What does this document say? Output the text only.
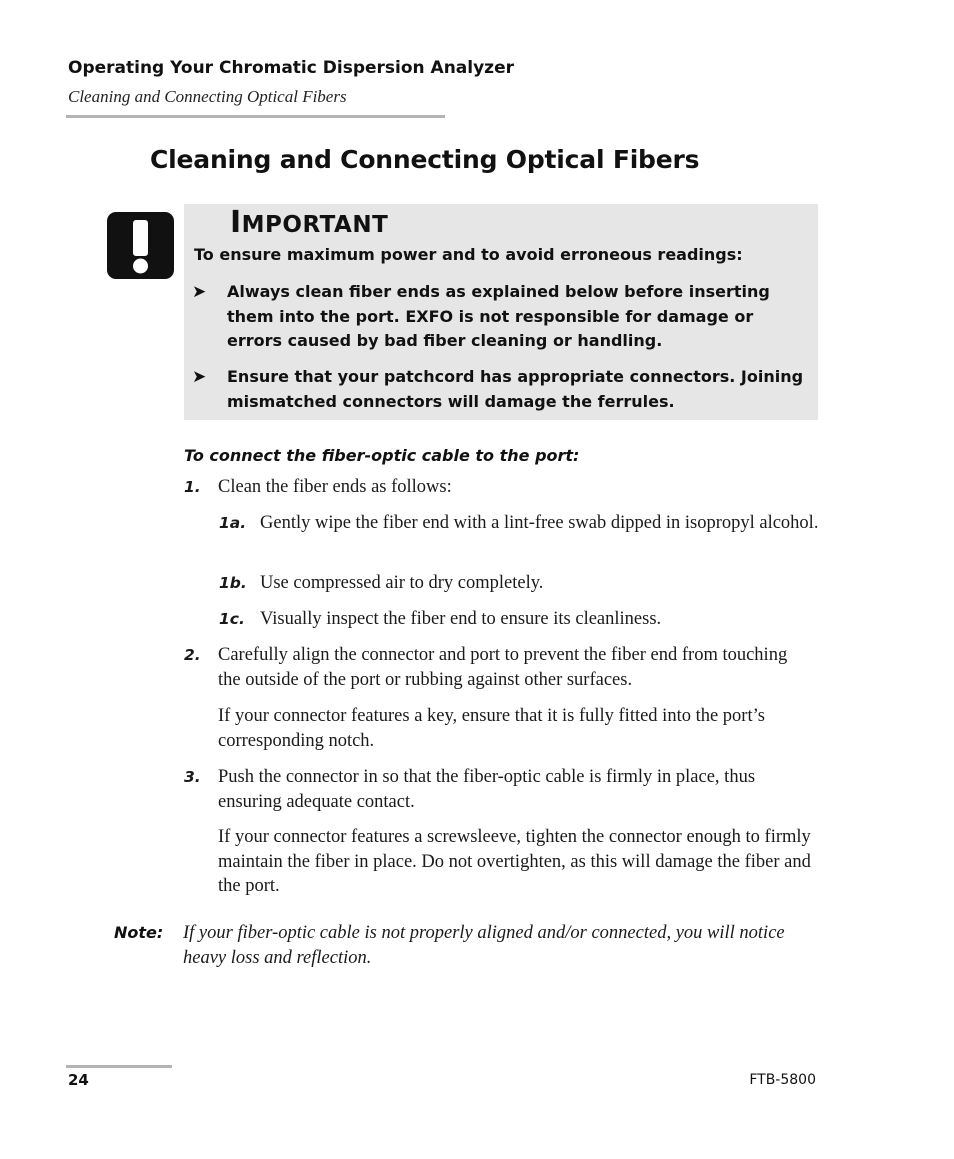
Operating Your Chromatic Dispersion Analyzer
Cleaning and Connecting Optical Fibers
Cleaning and Connecting Optical Fibers
IMPORTANT
To ensure maximum power and to avoid erroneous readings:
➤ Always clean fiber ends as explained below before inserting them into the port. EXFO is not responsible for damage or errors caused by bad fiber cleaning or handling.
➤ Ensure that your patchcord has appropriate connectors. Joining mismatched connectors will damage the ferrules.
To connect the fiber-optic cable to the port:
1. Clean the fiber ends as follows:
1a. Gently wipe the fiber end with a lint-free swab dipped in isopropyl alcohol.
1b. Use compressed air to dry completely.
1c. Visually inspect the fiber end to ensure its cleanliness.
2. Carefully align the connector and port to prevent the fiber end from touching the outside of the port or rubbing against other surfaces.
If your connector features a key, ensure that it is fully fitted into the port’s corresponding notch.
3. Push the connector in so that the fiber-optic cable is firmly in place, thus ensuring adequate contact.
If your connector features a screwsleeve, tighten the connector enough to firmly maintain the fiber in place. Do not overtighten, as this will damage the fiber and the port.
Note: If your fiber-optic cable is not properly aligned and/or connected, you will notice heavy loss and reflection.
24	FTB-5800
